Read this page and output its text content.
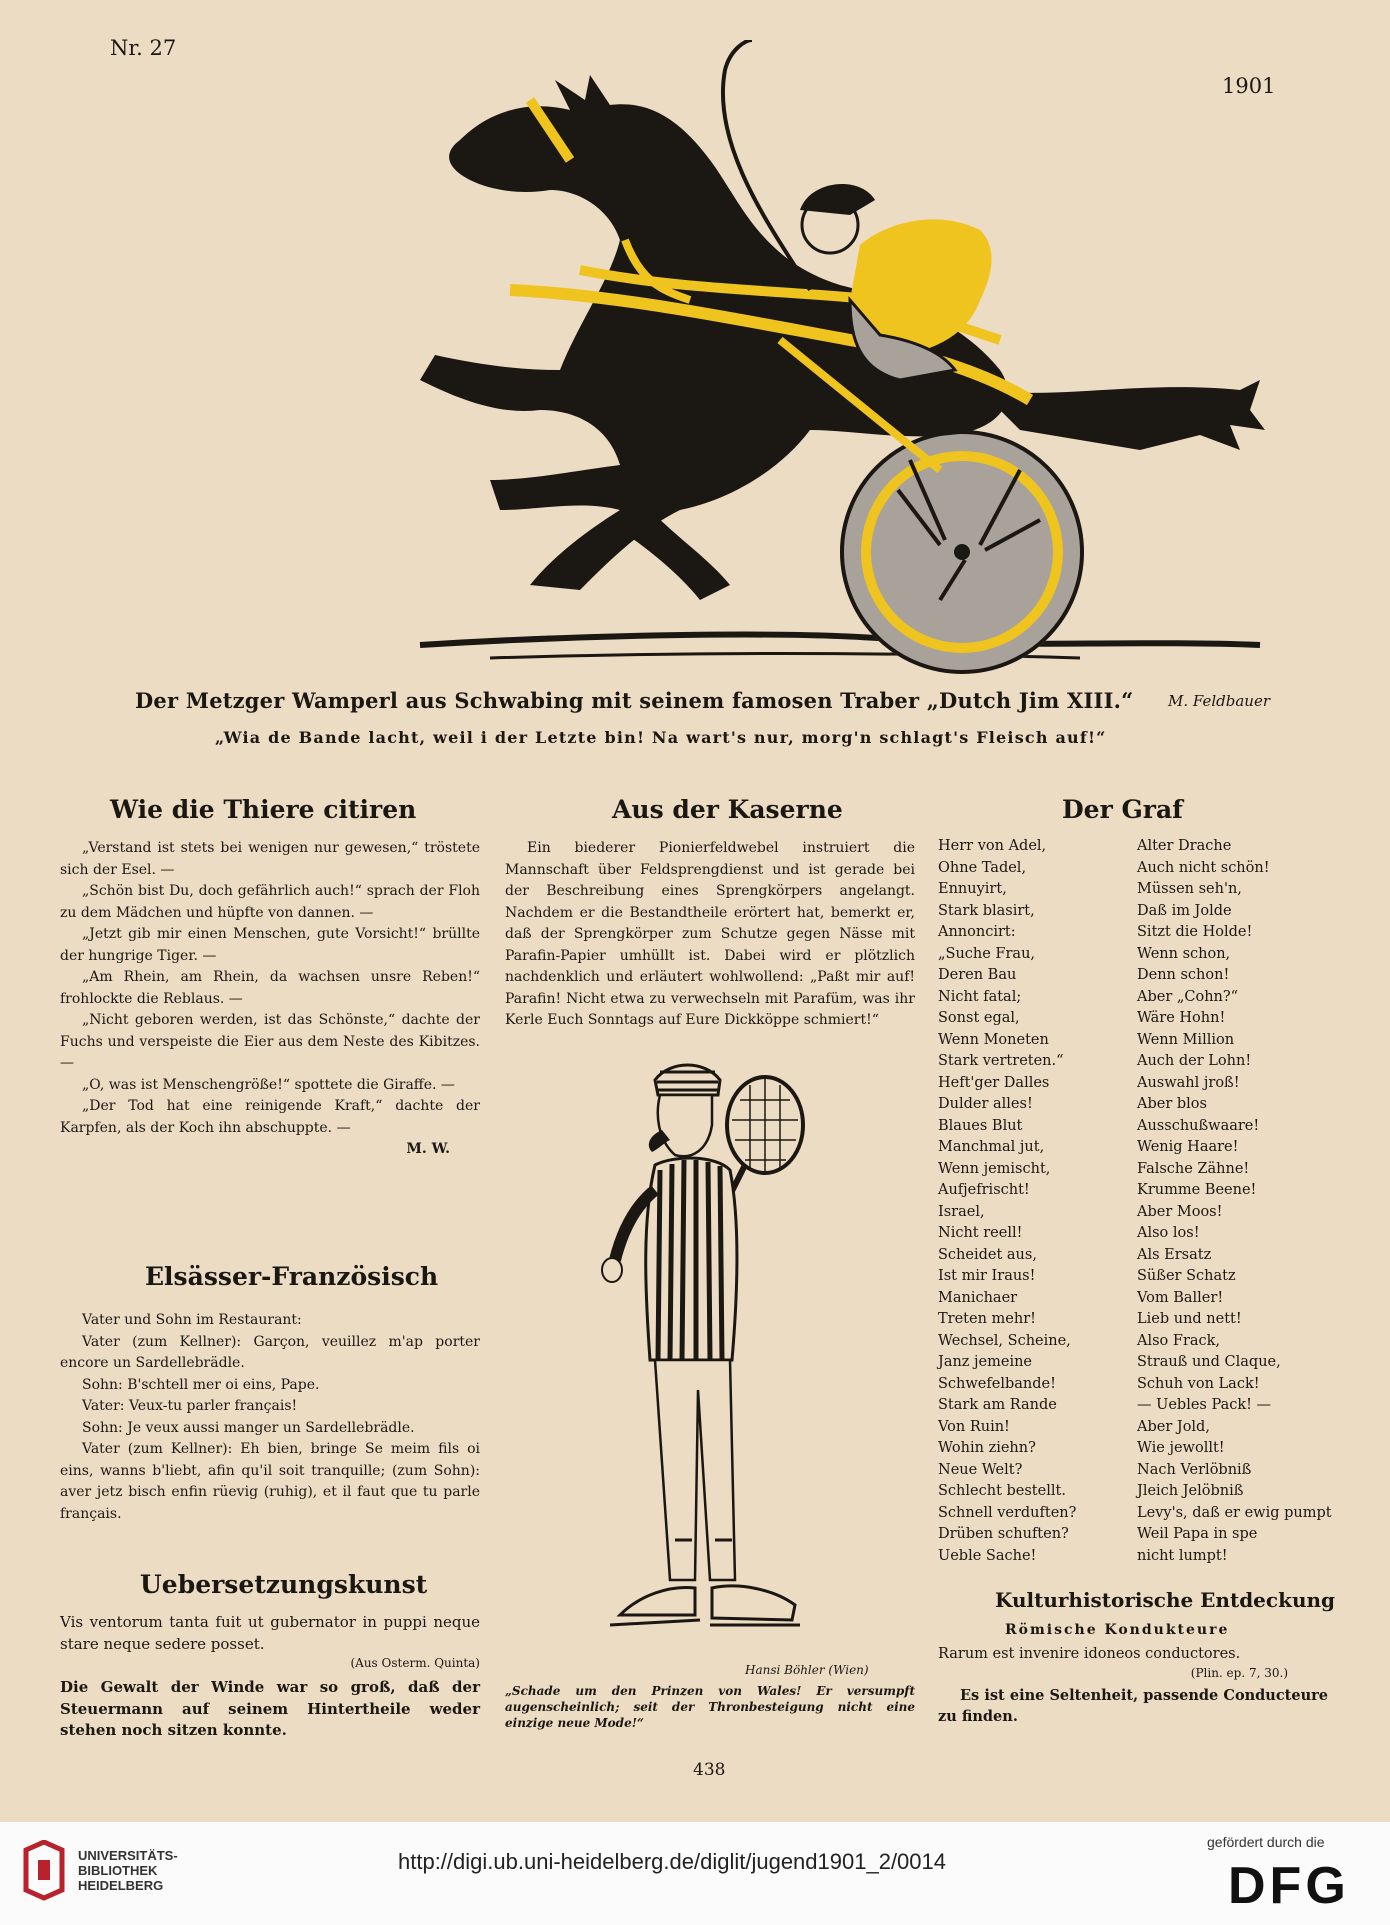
Nr. 27
1901
Der Metzger Wamperl aus Schwabing mit seinem famosen Traber „Dutch Jim XIII.“ M. Feldbauer
„Wia de Bande lacht, weil i der Letzte bin! Na wart's nur, morg'n schlagt's Fleisch auf!“
Wie die Thiere citiren

„Verstand ist stets bei wenigen nur gewesen,“ tröstete sich der Esel. —

„Schön bist Du, doch gefährlich auch!“ sprach der Floh zu dem Mädchen und hüpfte von dannen. —

„Jetzt gib mir einen Menschen, gute Vorsicht!“ brüllte der hungrige Tiger. —

„Am Rhein, am Rhein, da wachsen unsre Reben!“ frohlockte die Reblaus. —

„Nicht geboren werden, ist das Schönste,“ dachte der Fuchs und verspeiste die Eier aus dem Neste des Kibitzes. —

„O, was ist Menschengröße!“ spottete die Giraffe. —

„Der Tod hat eine reinigende Kraft,“ dachte der Karpfen, als der Koch ihn abschuppte. —

M. W.

Elsässer-Französisch

Vater und Sohn im Restaurant:

Vater (zum Kellner): Garçon, veuillez m'ap porter encore un Sardellebrädle.

Sohn: B'schtell mer oi eins, Pape.

Vater: Veux-tu parler français!

Sohn: Je veux aussi manger un Sardellebrädle.

Vater (zum Kellner): Eh bien, bringe Se meim fils oi eins, wanns b'liebt, afin qu'il soit tranquille; (zum Sohn): aver jetz bisch enfin rüevig (ruhig), et il faut que tu parle français.

Uebersetzungskunst

Vis ventorum tanta fuit ut gubernator in puppi neque stare neque sedere posset.

(Aus Osterm. Quinta)

Die Gewalt der Winde war so groß, daß der Steuermann auf seinem Hintertheile weder stehen noch sitzen konnte.

Aus der Kaserne

Ein biederer Pionierfeldwebel instruiert die Mannschaft über Feldsprengdienst und ist gerade bei der Beschreibung eines Sprengkörpers angelangt. Nachdem er die Bestandtheile erörtert hat, bemerkt er, daß der Sprengkörper zum Schutze gegen Nässe mit Parafin-Papier umhüllt ist. Dabei wird er plötzlich nachdenklich und erläutert wohlwollend: „Paßt mir auf! Parafin! Nicht etwa zu verwechseln mit Parafüm, was ihr Kerle Euch Sonntags auf Eure Dickköppe schmiert!“

Hansi Böhler (Wien)

„Schade um den Prinzen von Wales! Er versumpft augenscheinlich; seit der Thronbesteigung nicht eine einzige neue Mode!“

Der Graf
Herr von Adel,
Ohne Tadel,
Ennuyirt,
Stark blasirt,
Annoncirt:
„Suche Frau,
Deren Bau
Nicht fatal;
Sonst egal,
Wenn Moneten
Stark vertreten.“
Heft'ger Dalles
Dulder alles!
Blaues Blut
Manchmal jut,
Wenn jemischt,
Aufjefrischt!
Israel,
Nicht reell!
Scheidet aus,
Ist mir Iraus!
Manichaer
Treten mehr!
Wechsel, Scheine,
Janz jemeine
Schwefelbande!
Stark am Rande
Von Ruin!
Wohin ziehn?
Neue Welt?
Schlecht bestellt.
Schnell verduften?
Drüben schuften?
Ueble Sache!
Alter Drache
Auch nicht schön!
Müssen seh'n,
Daß im Jolde
Sitzt die Holde!
Wenn schon,
Denn schon!
Aber „Cohn?“
Wäre Hohn!
Wenn Million
Auch der Lohn!
Auswahl jroß!
Aber blos
Ausschußwaare!
Wenig Haare!
Falsche Zähne!
Krumme Beene!
Aber Moos!
Also los!
Als Ersatz
Süßer Schatz
Vom Baller!
Lieb und nett!
Also Frack,
Strauß und Claque,
Schuh von Lack!
— Uebles Pack! —
Aber Jold,
Wie jewollt!
Nach Verlöbniß
Jleich Jelöbniß
Levy's, daß er ewig pumpt
Weil Papa in spe
nicht lumpt!
Kulturhistorische Entdeckung
Römische Kondukteure

Rarum est invenire idoneos conductores.

(Plin. ep. 7, 30.)

Es ist eine Seltenheit, passende Conducteure zu finden.

438
UNIVERSITÄTS-
BIBLIOTHEK
HEIDELBERG
http://digi.ub.uni-heidelberg.de/diglit/jugend1901_2/0014
gefördert durch die
DFG
